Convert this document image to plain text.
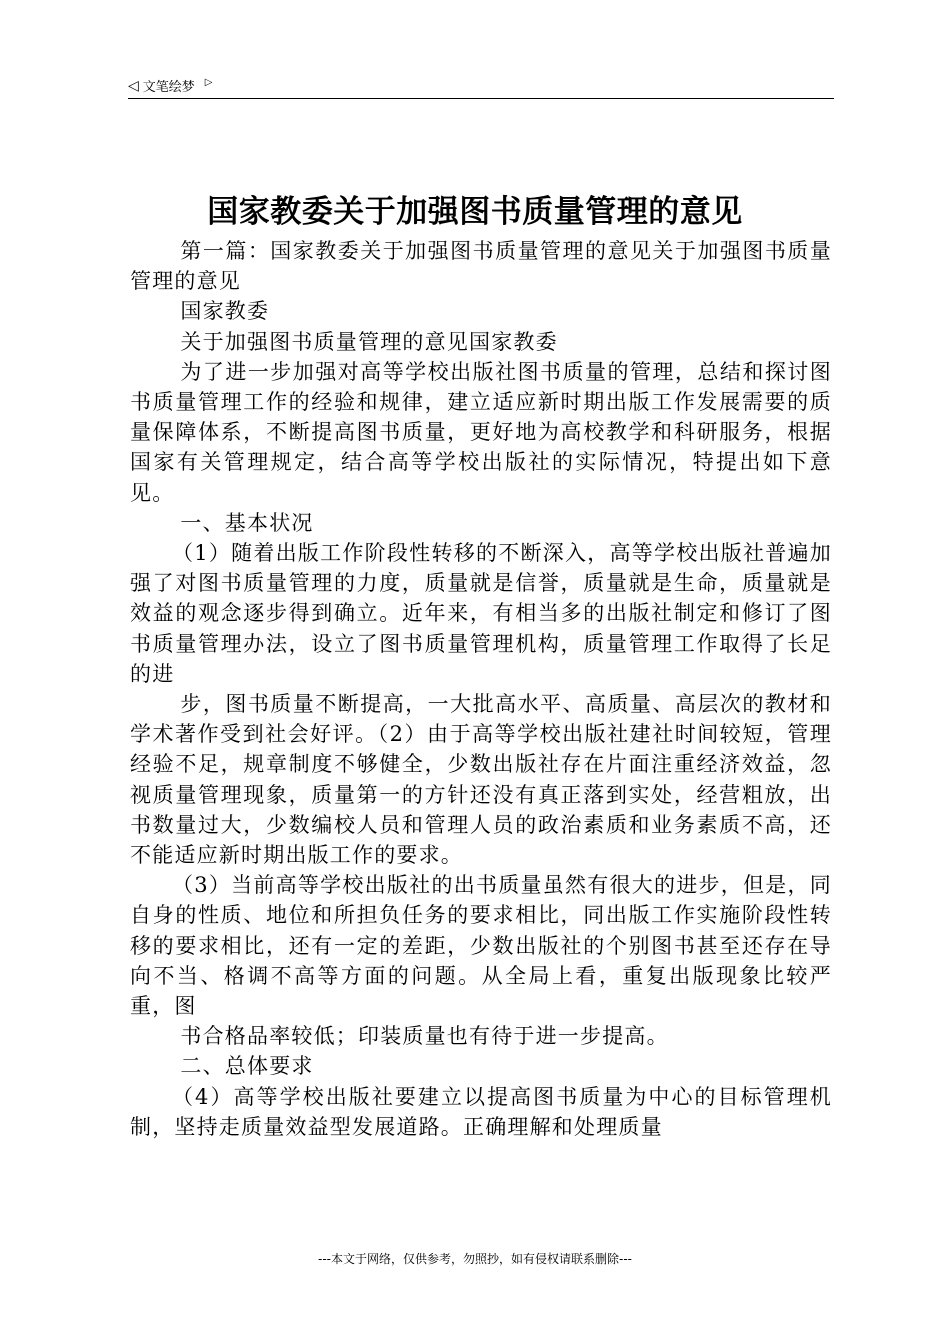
◁ 文笔绘梦 ▷
国家教委关于加强图书质量管理的意见

第一篇：国家教委关于加强图书质量管理的意见关于加强图书质量管理的意见

国家教委

关于加强图书质量管理的意见国家教委

为了进一步加强对高等学校出版社图书质量的管理，总结和探讨图书质量管理工作的经验和规律，建立适应新时期出版工作发展需要的质量保障体系，不断提高图书质量，更好地为高校教学和科研服务，根据国家有关管理规定，结合高等学校出版社的实际情况，特提出如下意见。

一、基本状况

（1）随着出版工作阶段性转移的不断深入，高等学校出版社普遍加强了对图书质量管理的力度，质量就是信誉，质量就是生命，质量就是效益的观念逐步得到确立。近年来，有相当多的出版社制定和修订了图书质量管理办法，设立了图书质量管理机构，质量管理工作取得了长足的进

步，图书质量不断提高，一大批高水平、高质量、高层次的教材和学术著作受到社会好评。（2）由于高等学校出版社建社时间较短，管理经验不足，规章制度不够健全，少数出版社存在片面注重经济效益，忽视质量管理现象，质量第一的方针还没有真正落到实处，经营粗放，出书数量过大，少数编校人员和管理人员的政治素质和业务素质不高，还不能适应新时期出版工作的要求。

（3）当前高等学校出版社的出书质量虽然有很大的进步，但是，同自身的性质、地位和所担负任务的要求相比，同出版工作实施阶段性转移的要求相比，还有一定的差距，少数出版社的个别图书甚至还存在导向不当、格调不高等方面的问题。从全局上看，重复出版现象比较严重，图

书合格品率较低；印装质量也有待于进一步提高。

二、总体要求

（4）高等学校出版社要建立以提高图书质量为中心的目标管理机制，坚持走质量效益型发展道路。正确理解和处理质量

---本文于网络，仅供参考，勿照抄，如有侵权请联系删除---
